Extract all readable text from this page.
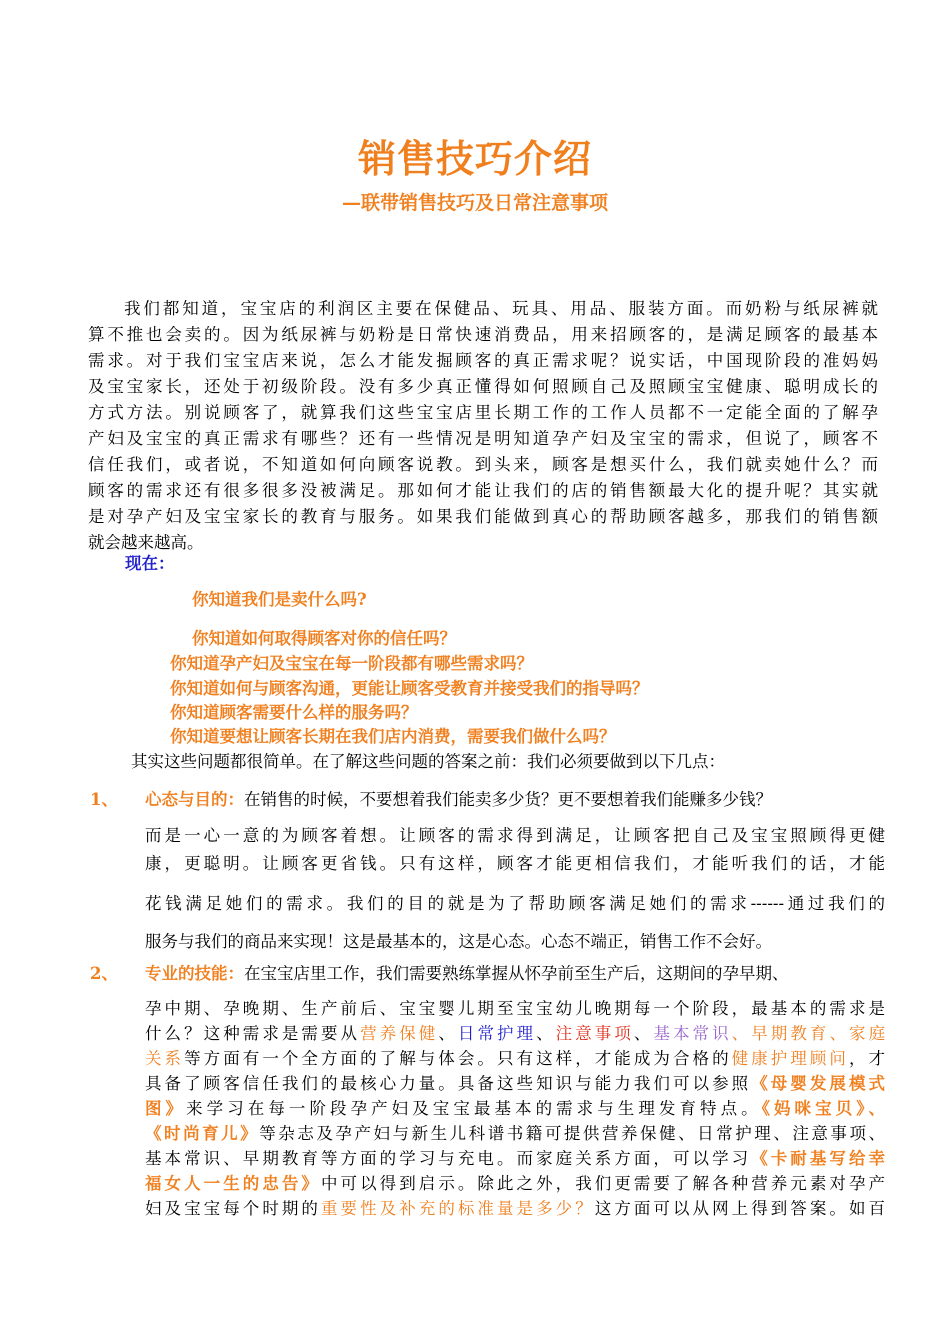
销售技巧介绍
—联带销售技巧及日常注意事项
我们都知道，宝宝店的利润区主要在保健品、玩具、用品、服装方面。而奶粉与纸尿裤就
算不推也会卖的。因为纸尿裤与奶粉是日常快速消费品，用来招顾客的，是满足顾客的最基本
需求。对于我们宝宝店来说，怎么才能发掘顾客的真正需求呢？说实话，中国现阶段的准妈妈
及宝宝家长，还处于初级阶段。没有多少真正懂得如何照顾自己及照顾宝宝健康、聪明成长的
方式方法。别说顾客了，就算我们这些宝宝店里长期工作的工作人员都不一定能全面的了解孕
产妇及宝宝的真正需求有哪些？还有一些情况是明知道孕产妇及宝宝的需求，但说了，顾客不
信任我们，或者说，不知道如何向顾客说教。到头来，顾客是想买什么，我们就卖她什么？而
顾客的需求还有很多很多没被满足。那如何才能让我们的店的销售额最大化的提升呢？其实就
是对孕产妇及宝宝家长的教育与服务。如果我们能做到真心的帮助顾客越多，那我们的销售额
就会越来越高。
现在：
你知道我们是卖什么吗?
你知道如何取得顾客对你的信任吗？
你知道孕产妇及宝宝在每一阶段都有哪些需求吗？
你知道如何与顾客沟通，更能让顾客受教育并接受我们的指导吗？
你知道顾客需要什么样的服务吗？
你知道要想让顾客长期在我们店内消费，需要我们做什么吗？
其实这些问题都很简单。在了解这些问题的答案之前：我们必须要做到以下几点：
1、 心态与目的：在销售的时候，不要想着我们能卖多少货？更不要想着我们能赚多少钱？
而是一心一意的为顾客着想。让顾客的需求得到满足，让顾客把自己及宝宝照顾得更健
康，更聪明。让顾客更省钱。只有这样，顾客才能更相信我们，才能听我们的话，才能
花钱满足她们的需求。我们的目的就是为了帮助顾客满足她们的需求------通过我们的
服务与我们的商品来实现！这是最基本的，这是心态。心态不端正，销售工作不会好。
2、 专业的技能：在宝宝店里工作，我们需要熟练掌握从怀孕前至生产后，这期间的孕早期、
孕中期、孕晚期、生产前后、宝宝婴儿期至宝宝幼儿晚期每一个阶段，最基本的需求是
什么？这种需求是需要从营养保健、日常护理、注意事项、基本常识、早期教育、家庭
关系等方面有一个全方面的了解与体会。只有这样，才能成为合格的健康护理顾问，才
具备了顾客信任我们的最核心力量。具备这些知识与能力我们可以参照《母婴发展模式
图》来学习在每一阶段孕产妇及宝宝最基本的需求与生理发育特点。《妈咪宝贝》、
《时尚育儿》等杂志及孕产妇与新生儿科谱书籍可提供营养保健、日常护理、注意事项、
基本常识、早期教育等方面的学习与充电。而家庭关系方面，可以学习《卡耐基写给幸
福女人一生的忠告》中可以得到启示。除此之外，我们更需要了解各种营养元素对孕产
妇及宝宝每个时期的重要性及补充的标准量是多少？这方面可以从网上得到答案。如百
